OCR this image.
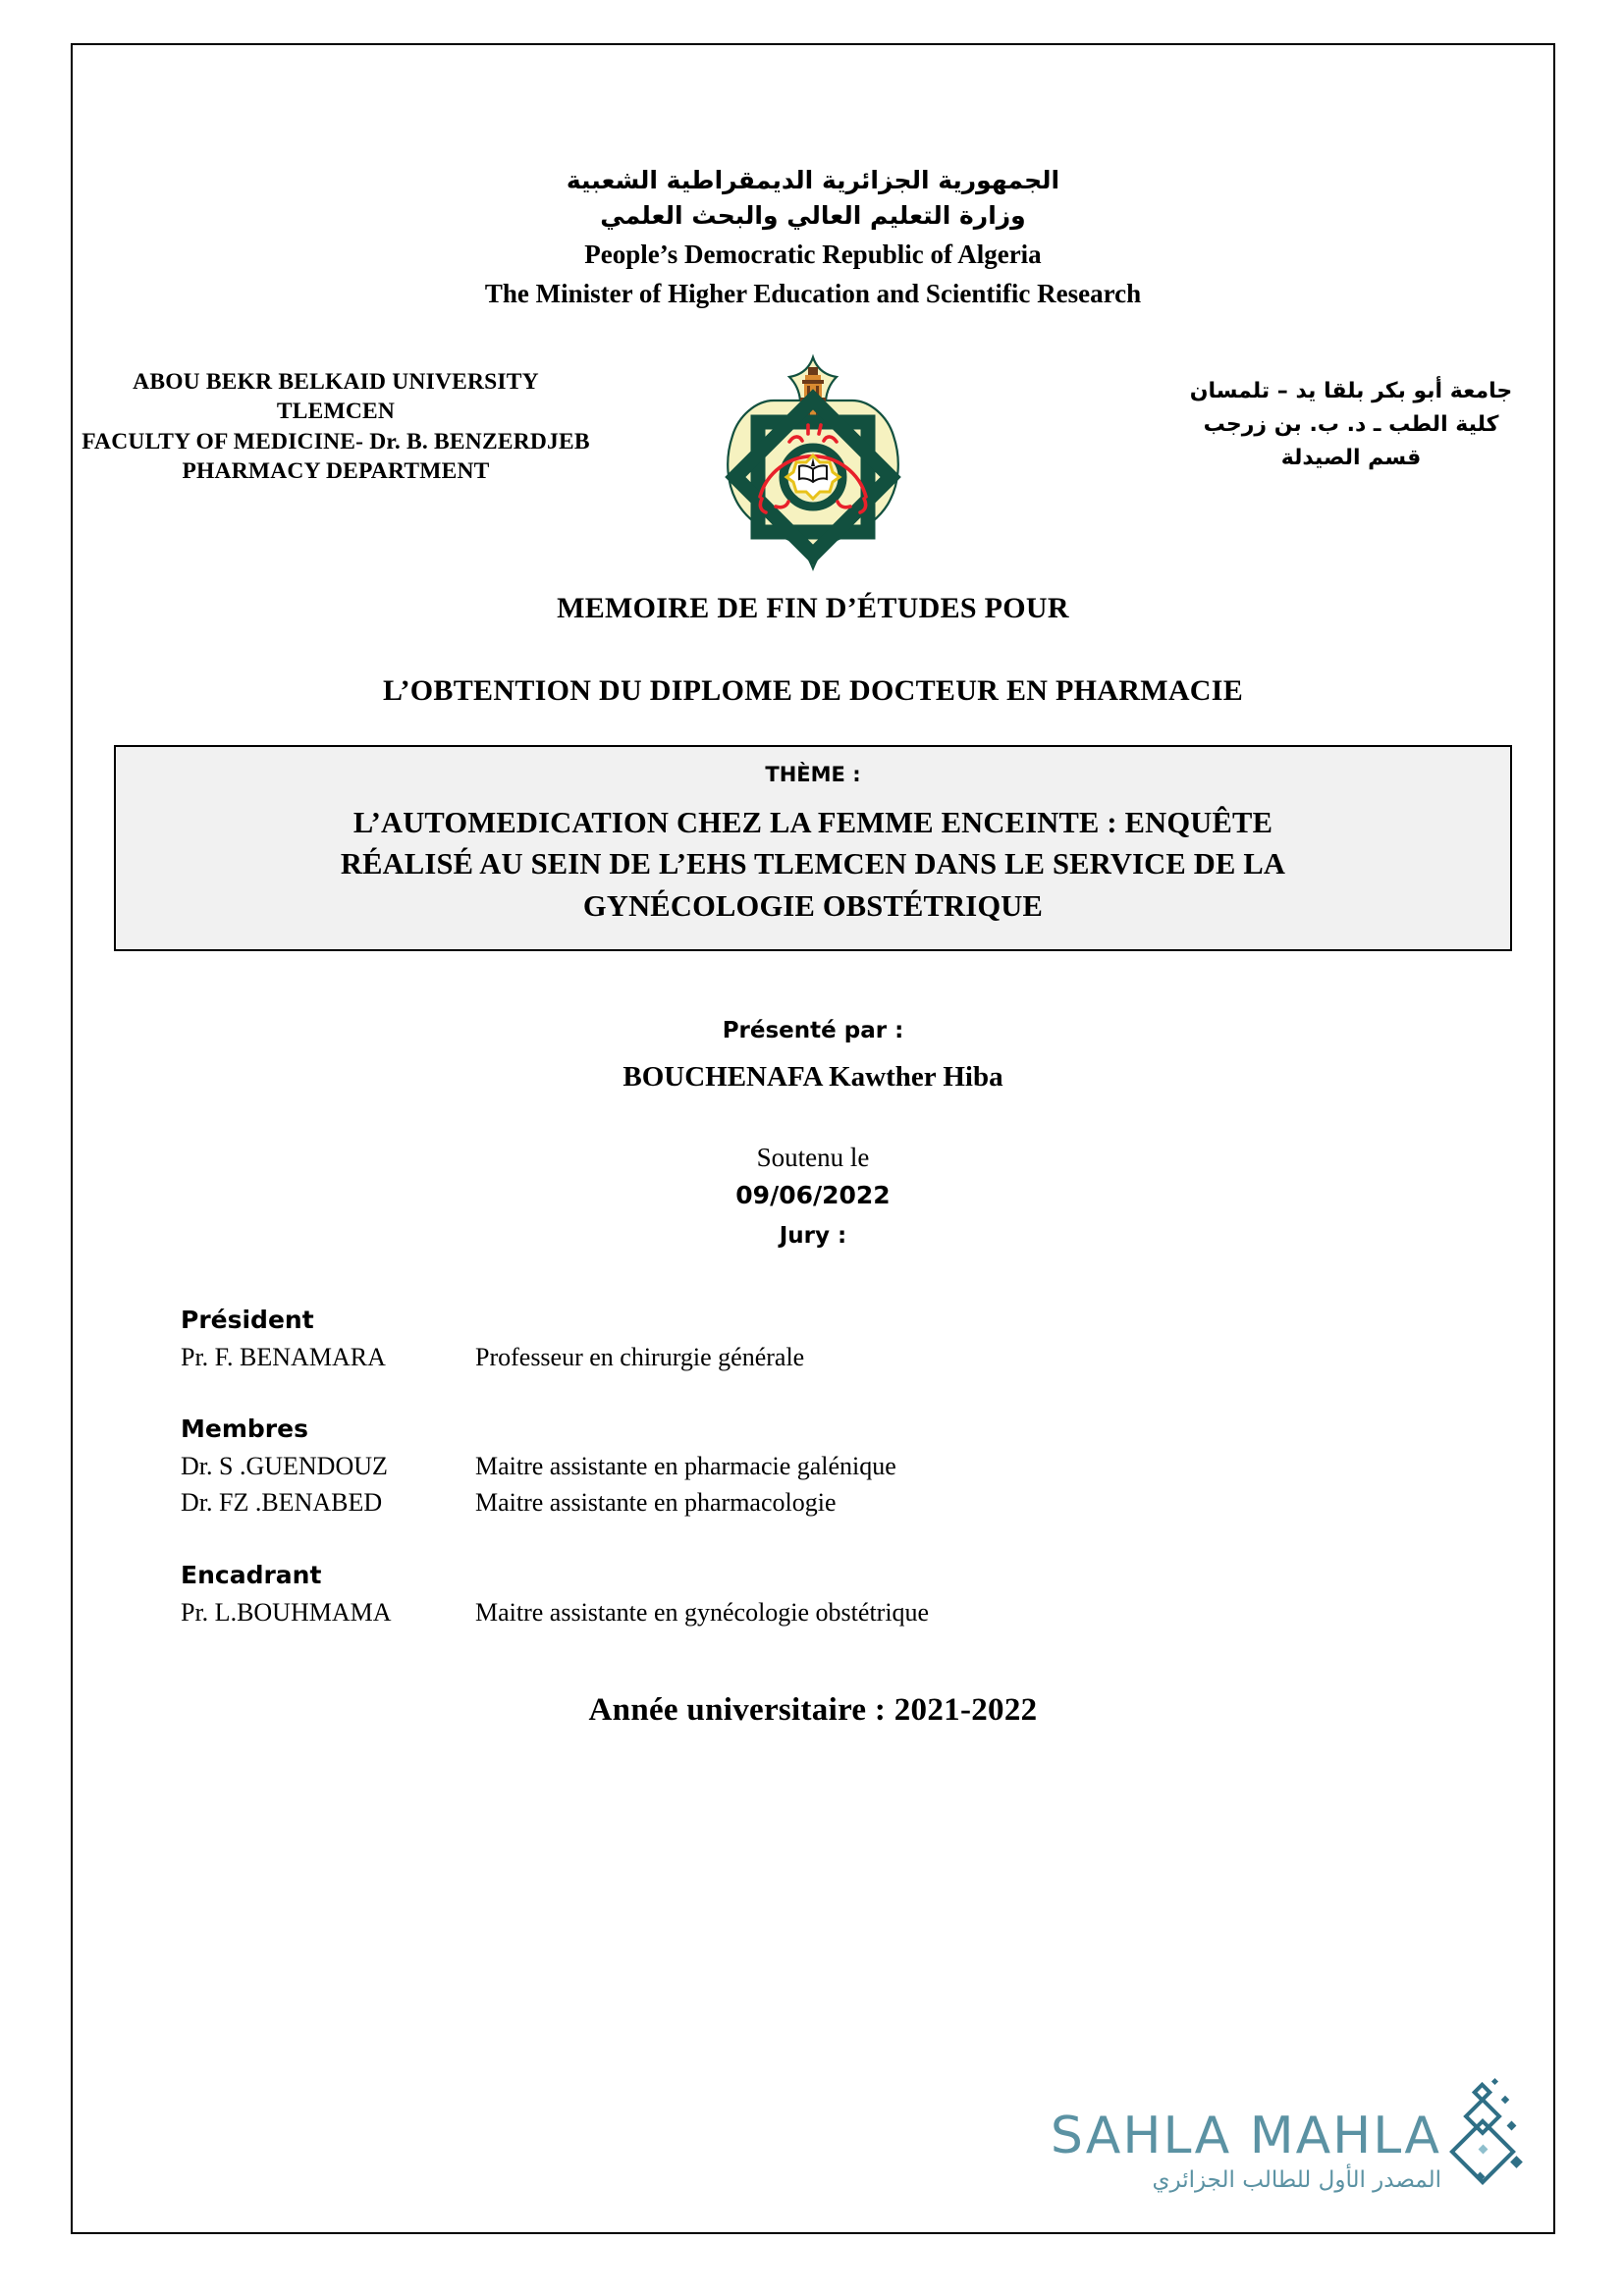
الجمهورية الجزائرية الديمقراطية الشعبية
وزارة التعليم العالي والبحث العلمي
People’s Democratic Republic of Algeria
The Minister of Higher Education and Scientific Research
ABOU BEKR BELKAID UNIVERSITY
TLEMCEN
FACULTY OF MEDICINE- Dr. B. BENZERDJEB
PHARMACY DEPARTMENT
جامعة أبو بكر بلقا يد – تلمسان
كلية الطب ـ د. ب. بن زرجب
قسم الصيدلة
MEMOIRE DE FIN D’ÉTUDES POUR
L’OBTENTION DU DIPLOME DE DOCTEUR EN PHARMACIE
THÈME :
L’AUTOMEDICATION CHEZ LA FEMME ENCEINTE : ENQUÊTE
RÉALISÉ AU SEIN DE L’EHS TLEMCEN DANS LE SERVICE DE LA
GYNÉCOLOGIE OBSTÉTRIQUE
Présenté par :
BOUCHENAFA Kawther Hiba
Soutenu le
09/06/2022
Jury :
Président
Pr. F. BENAMARA	Professeur en chirurgie générale
Membres
Dr. S .GUENDOUZ	Maitre assistante en pharmacie galénique
Dr. FZ .BENABED	Maitre assistante en pharmacologie
Encadrant
Pr. L.BOUHMAMA	Maitre assistante en gynécologie obstétrique
Année universitaire : 2021-2022
SAHLA MAHLA
المصدر الأول للطالب الجزائري
